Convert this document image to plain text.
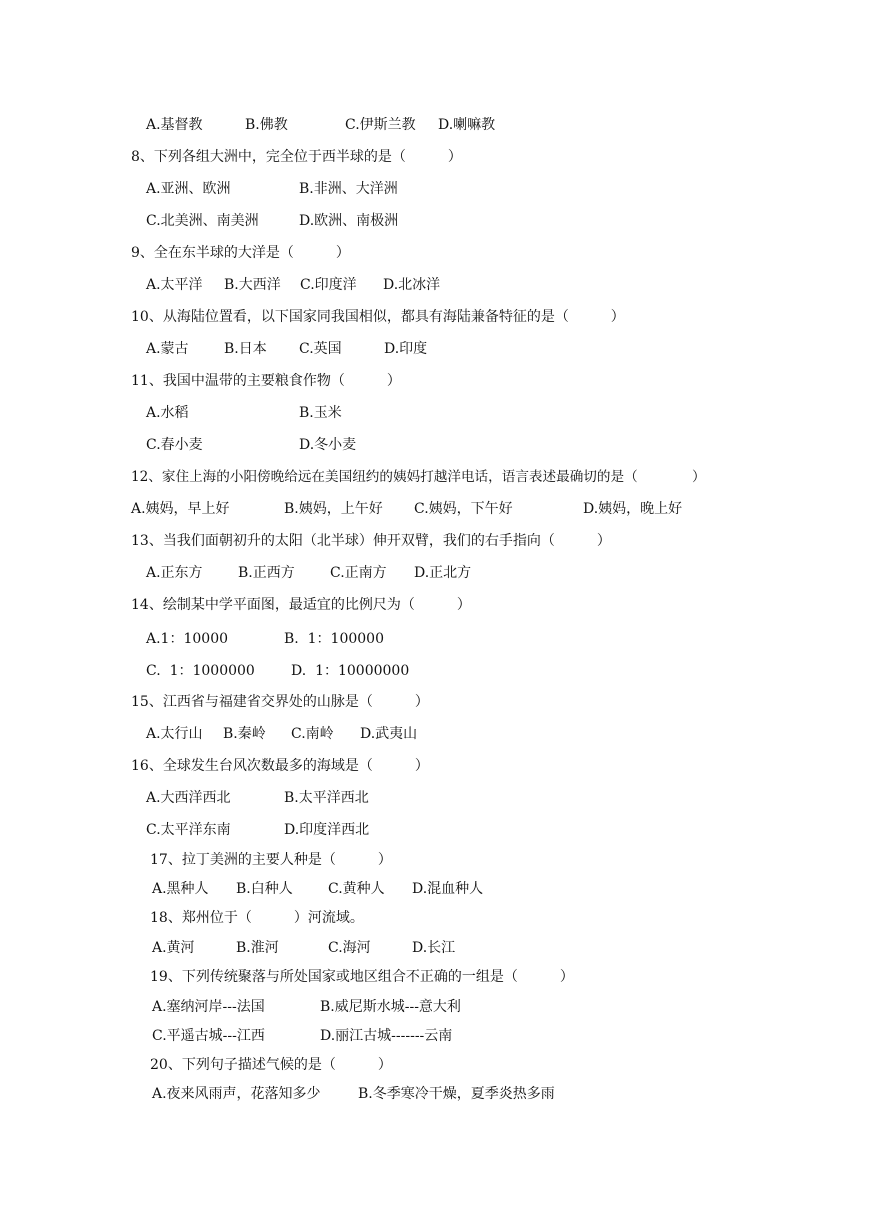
A.基督教	B.佛教	C.伊斯兰教 D.喇嘛教
8、下列各组大洲中，完全位于西半球的是（　　　）
A.亚洲、欧洲	B.非洲、大洋洲
C.北美洲、南美洲	D.欧洲、南极洲
9、全在东半球的大洋是（　　　）
A.太平洋 B.大西洋 C.印度洋 D.北冰洋
10、从海陆位置看，以下国家同我国相似，都具有海陆兼备特征的是（　　　）
A.蒙古	B.日本 C.英国	D.印度
11、我国中温带的主要粮食作物（　　　）
A.水稻	B.玉米
C.春小麦	D.冬小麦
12、家住上海的小阳傍晚给远在美国纽约的姨妈打越洋电话，语言表述最确切的是（　　　　）
A.姨妈，早上好	B.姨妈，上午好 C.姨妈，下午好	D.姨妈，晚上好
13、当我们面朝初升的太阳（北半球）伸开双臂，我们的右手指向（　　　）
A.正东方	B.正西方	C.正南方 D.正北方
14、绘制某中学平面图，最适宜的比例尺为（　　　）
A.1：10000	B.  1：100000
C.  1：1000000	D.  1：10000000
15、江西省与福建省交界处的山脉是（　　　）
A.太行山 B.秦岭 C.南岭 D.武夷山
16、全球发生台风次数最多的海域是（　　　）
A.大西洋西北	B.太平洋西北
C.太平洋东南	D.印度洋西北
17、拉丁美洲的主要人种是（　　　）
A.黑种人 B.白种人	C.黄种人 D.混血种人
18、郑州位于（　　　）河流域。
A.黄河	B.淮河	C.海河	D.长江
19、下列传统聚落与所处国家或地区组合不正确的一组是（　　　）
A.塞纳河岸---法国	B.威尼斯水城---意大利
C.平遥古城---江西	D.丽江古城-------云南
20、下列句子描述气候的是（　　　）
A.夜来风雨声，花落知多少	B.冬季寒冷干燥，夏季炎热多雨
